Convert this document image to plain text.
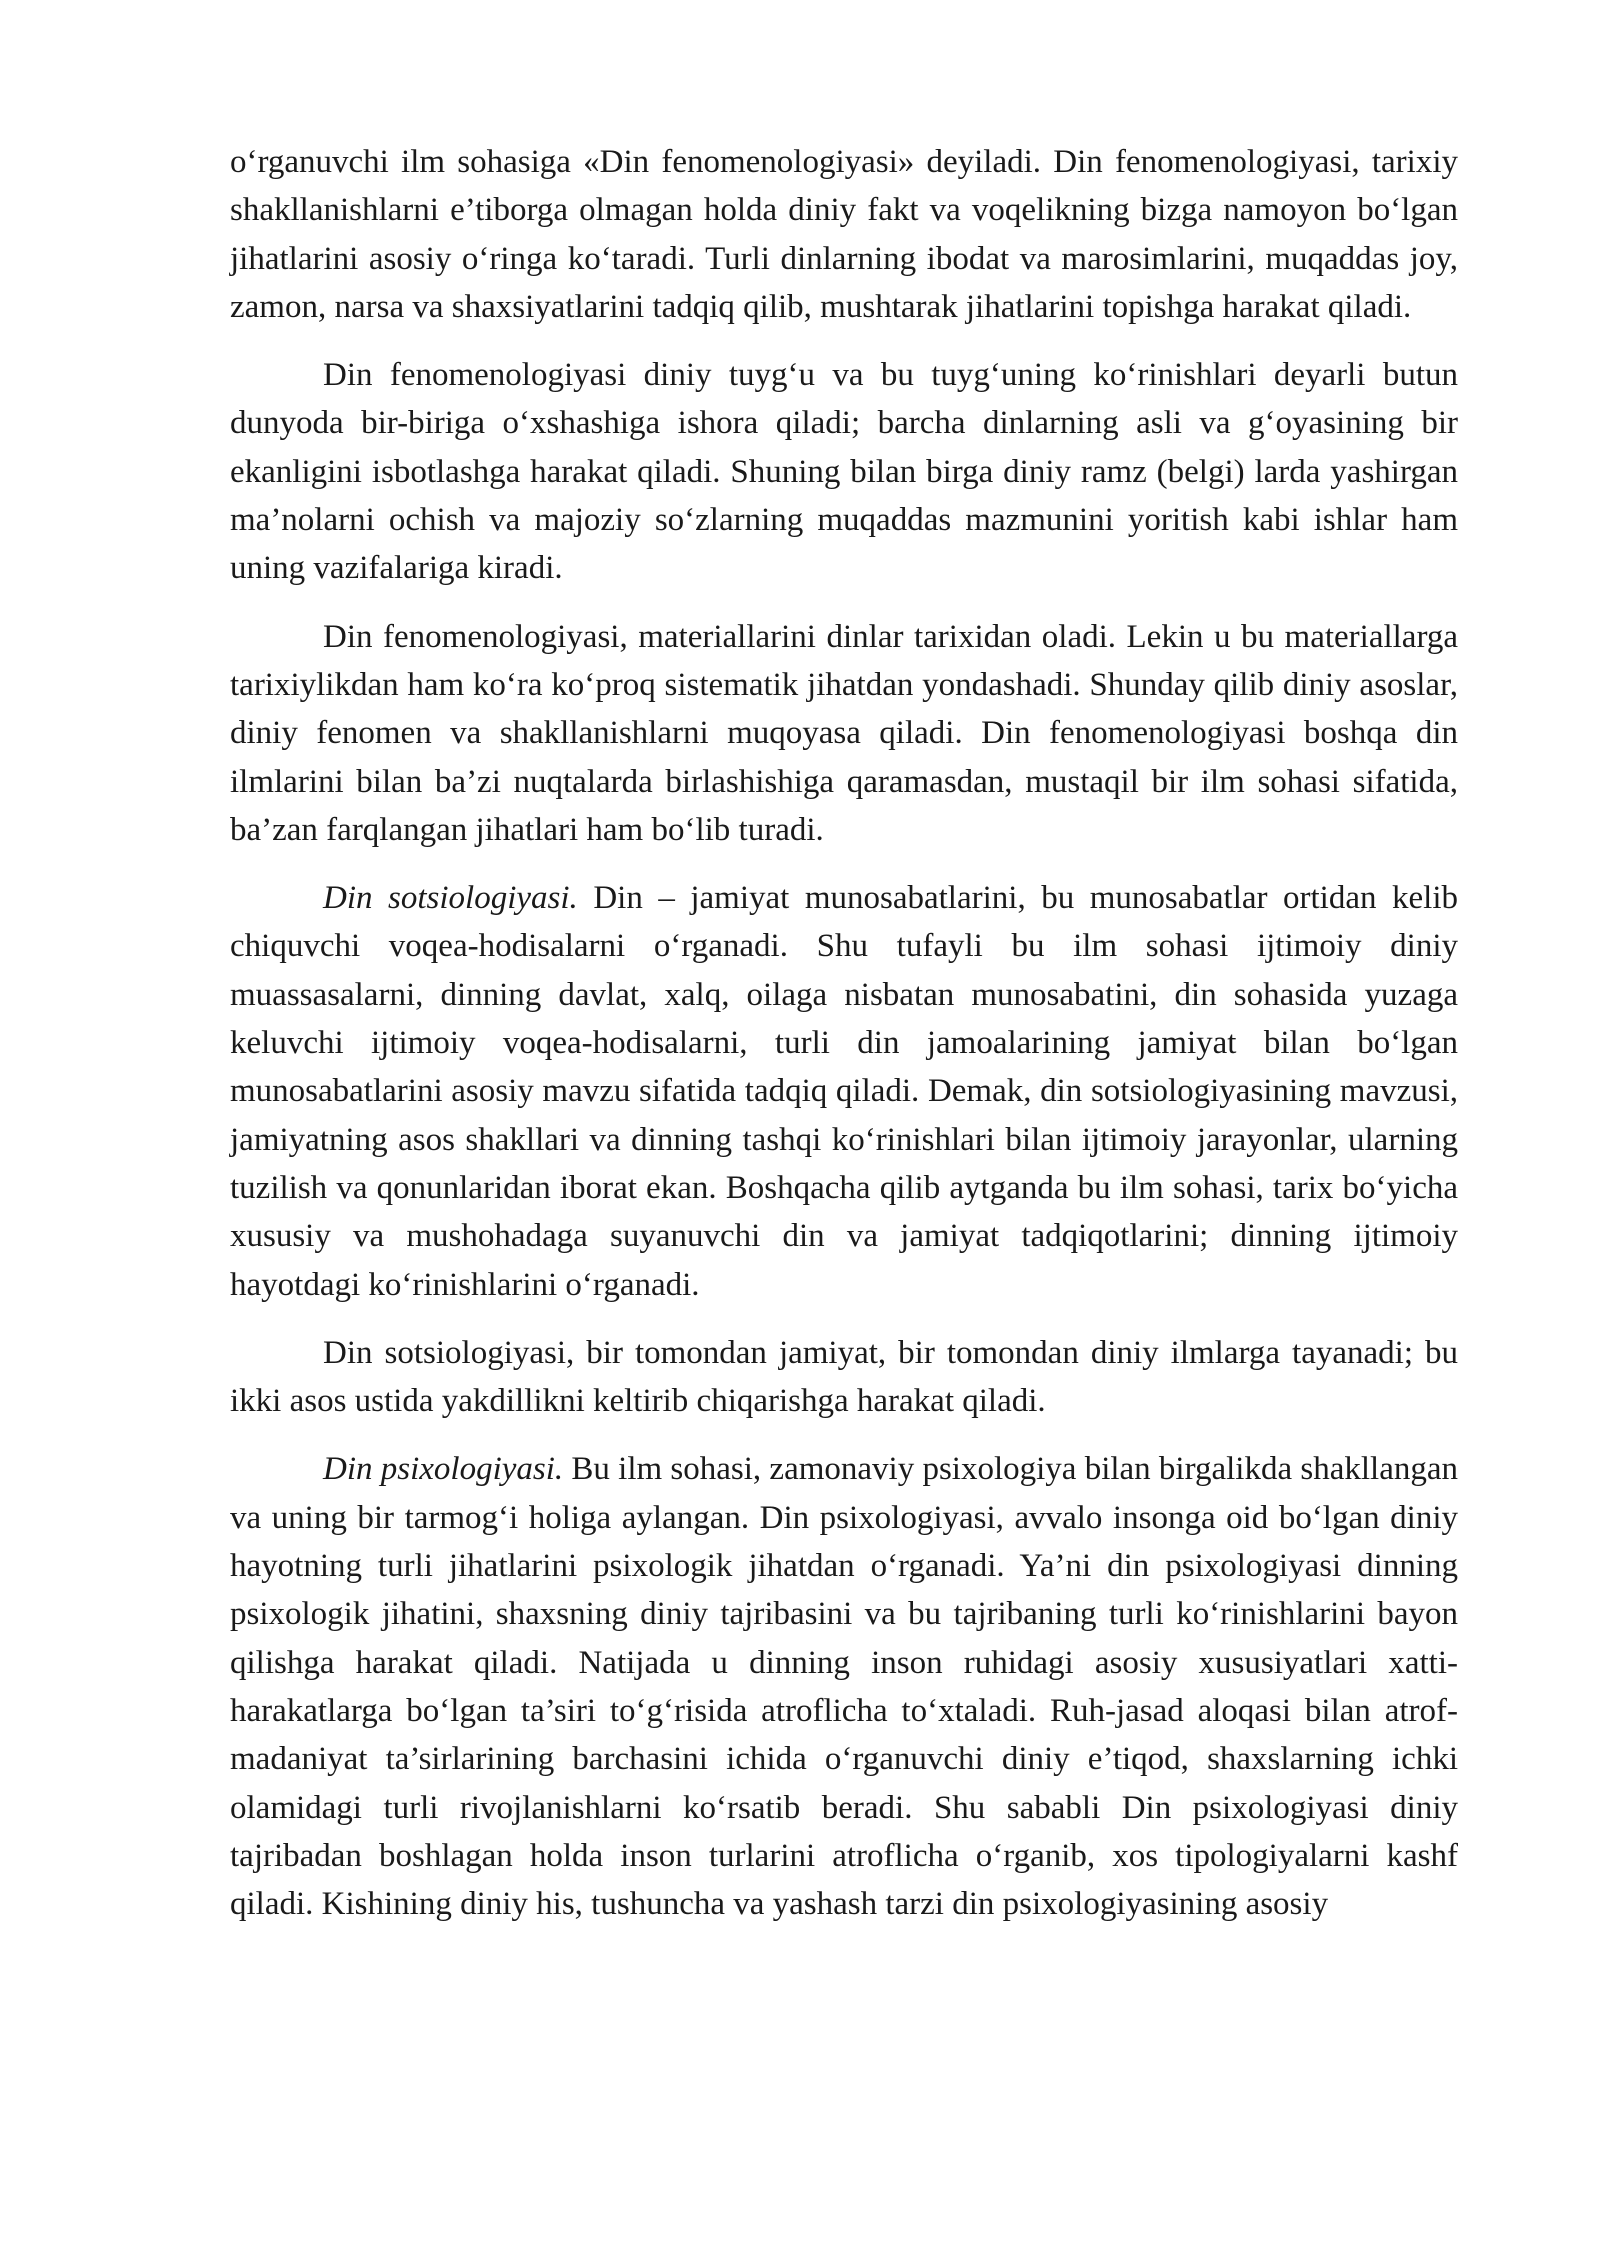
o‘rganuvchi ilm sohasiga «Din fenomenologiyasi» deyiladi. Din fenomenologiyasi, tarixiy shakllanishlarni e’tiborga olmagan holda diniy fakt va voqelikning bizga namoyon bo‘lgan jihatlarini asosiy o‘ringa ko‘taradi. Turli dinlarning ibodat va marosimlarini, muqaddas joy, zamon, narsa va shaxsiyatlarini tadqiq qilib, mushtarak jihatlarini topishga harakat qiladi.

Din fenomenologiyasi diniy tuyg‘u va bu tuyg‘uning ko‘rinishlari deyarli butun dunyoda bir-biriga o‘xshashiga ishora qiladi; barcha dinlarning asli va g‘oyasining bir ekanligini isbotlashga harakat qiladi. Shuning bilan birga diniy ramz (belgi) larda yashirgan ma’nolarni ochish va majoziy so‘zlarning muqaddas mazmunini yoritish kabi ishlar ham uning vazifalariga kiradi.

Din fenomenologiyasi, materiallarini dinlar tarixidan oladi. Lekin u bu materiallarga tarixiylikdan ham ko‘ra ko‘proq sistematik jihatdan yondashadi. Shunday qilib diniy asoslar, diniy fenomen va shakllanishlarni muqoyasa qiladi. Din fenomenologiyasi boshqa din ilmlarini bilan ba’zi nuqtalarda birlashishiga qaramasdan, mustaqil bir ilm sohasi sifatida, ba’zan farqlangan jihatlari ham bo‘lib turadi.

Din sotsiologiyasi. Din – jamiyat munosabatlarini, bu munosabatlar ortidan kelib chiquvchi voqea-hodisalarni o‘rganadi. Shu tufayli bu ilm sohasi ijtimoiy diniy muassasalarni, dinning davlat, xalq, oilaga nisbatan munosabatini, din sohasida yuzaga keluvchi ijtimoiy voqea-hodisalarni, turli din jamoalarining jamiyat bilan bo‘lgan munosabatlarini asosiy mavzu sifatida tadqiq qiladi. Demak, din sotsiologiyasining mavzusi, jamiyatning asos shakllari va dinning tashqi ko‘rinishlari bilan ijtimoiy jarayonlar, ularning tuzilish va qonunlaridan iborat ekan. Boshqacha qilib aytganda bu ilm sohasi, tarix bo‘yicha xususiy va mushohadaga suyanuvchi din va jamiyat tadqiqotlarini; dinning ijtimoiy hayotdagi ko‘rinishlarini o‘rganadi.

Din sotsiologiyasi, bir tomondan jamiyat, bir tomondan diniy ilmlarga tayanadi; bu ikki asos ustida yakdillikni keltirib chiqarishga harakat qiladi.

Din psixologiyasi. Bu ilm sohasi, zamonaviy psixologiya bilan birgalikda shakllangan va uning bir tarmog‘i holiga aylangan. Din psixologiyasi, avvalo insonga oid bo‘lgan diniy hayotning turli jihatlarini psixologik jihatdan o‘rganadi. Ya’ni din psixologiyasi dinning psixologik jihatini, shaxsning diniy tajribasini va bu tajribaning turli ko‘rinishlarini bayon qilishga harakat qiladi. Natijada u dinning inson ruhidagi asosiy xususiyatlari xatti-harakatlarga bo‘lgan ta’siri to‘g‘risida atroflicha to‘xtaladi. Ruh-jasad aloqasi bilan atrof-madaniyat ta’sirlarining barchasini ichida o‘rganuvchi diniy e’tiqod, shaxslarning ichki olamidagi turli rivojlanishlarni ko‘rsatib beradi. Shu sababli Din psixologiyasi diniy tajribadan boshlagan holda inson turlarini atroflicha o‘rganib, xos tipologiyalarni kashf qiladi. Kishining diniy his, tushuncha va yashash tarzi din psixologiyasining asosiy
